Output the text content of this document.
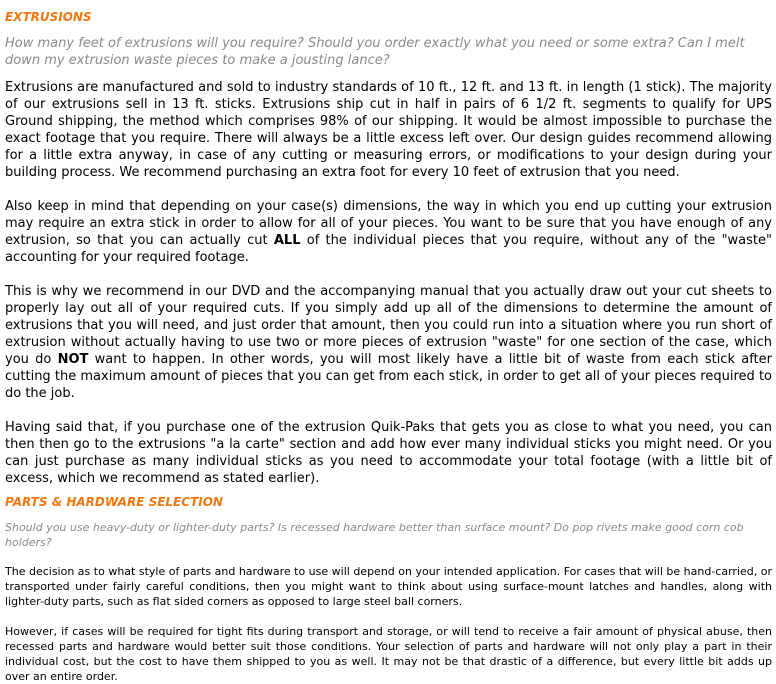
EXTRUSIONS
How many feet of extrusions will you require? Should you order exactly what you need or some extra? Can I melt down my extrusion waste pieces to make a jousting lance?

Extrusions are manufactured and sold to industry standards of 10 ft., 12 ft. and 13 ft. in length (1 stick). The majority of our extrusions sell in 13 ft. sticks. Extrusions ship cut in half in pairs of 6 1/2 ft. segments to qualify for UPS Ground shipping, the method which comprises 98% of our shipping. It would be almost impossible to purchase the exact footage that you require. There will always be a little excess left over. Our design guides recommend allowing for a little extra anyway, in case of any cutting or measuring errors, or modifications to your design during your building process. We recommend purchasing an extra foot for every 10 feet of extrusion that you need.

Also keep in mind that depending on your case(s) dimensions, the way in which you end up cutting your extrusion may require an extra stick in order to allow for all of your pieces. You want to be sure that you have enough of any extrusion, so that you can actually cut ALL of the individual pieces that you require, without any of the "waste" accounting for your required footage.

This is why we recommend in our DVD and the accompanying manual that you actually draw out your cut sheets to properly lay out all of your required cuts. If you simply add up all of the dimensions to determine the amount of extrusions that you will need, and just order that amount, then you could run into a situation where you run short of extrusion without actually having to use two or more pieces of extrusion "waste" for one section of the case, which you do NOT want to happen. In other words, you will most likely have a little bit of waste from each stick after cutting the maximum amount of pieces that you can get from each stick, in order to get all of your pieces required to do the job.

Having said that, if you purchase one of the extrusion Quik-Paks that gets you as close to what you need, you can then then go to the extrusions "a la carte" section and add how ever many individual sticks you might need. Or you can just purchase as many individual sticks as you need to accommodate your total footage (with a little bit of excess, which we recommend as stated earlier).

PARTS & HARDWARE SELECTION
Should you use heavy-duty or lighter-duty parts? Is recessed hardware better than surface mount? Do pop rivets make good corn cob holders?

The decision as to what style of parts and hardware to use will depend on your intended application. For cases that will be hand-carried, or transported under fairly careful conditions, then you might want to think about using surface-mount latches and handles, along with lighter-duty parts, such as flat sided corners as opposed to large steel ball corners.

However, if cases will be required for tight fits during transport and storage, or will tend to receive a fair amount of physical abuse, then recessed parts and hardware would better suit those conditions. Your selection of parts and hardware will not only play a part in their individual cost, but the cost to have them shipped to you as well. It may not be that drastic of a difference, but every little bit adds up over an entire order.
